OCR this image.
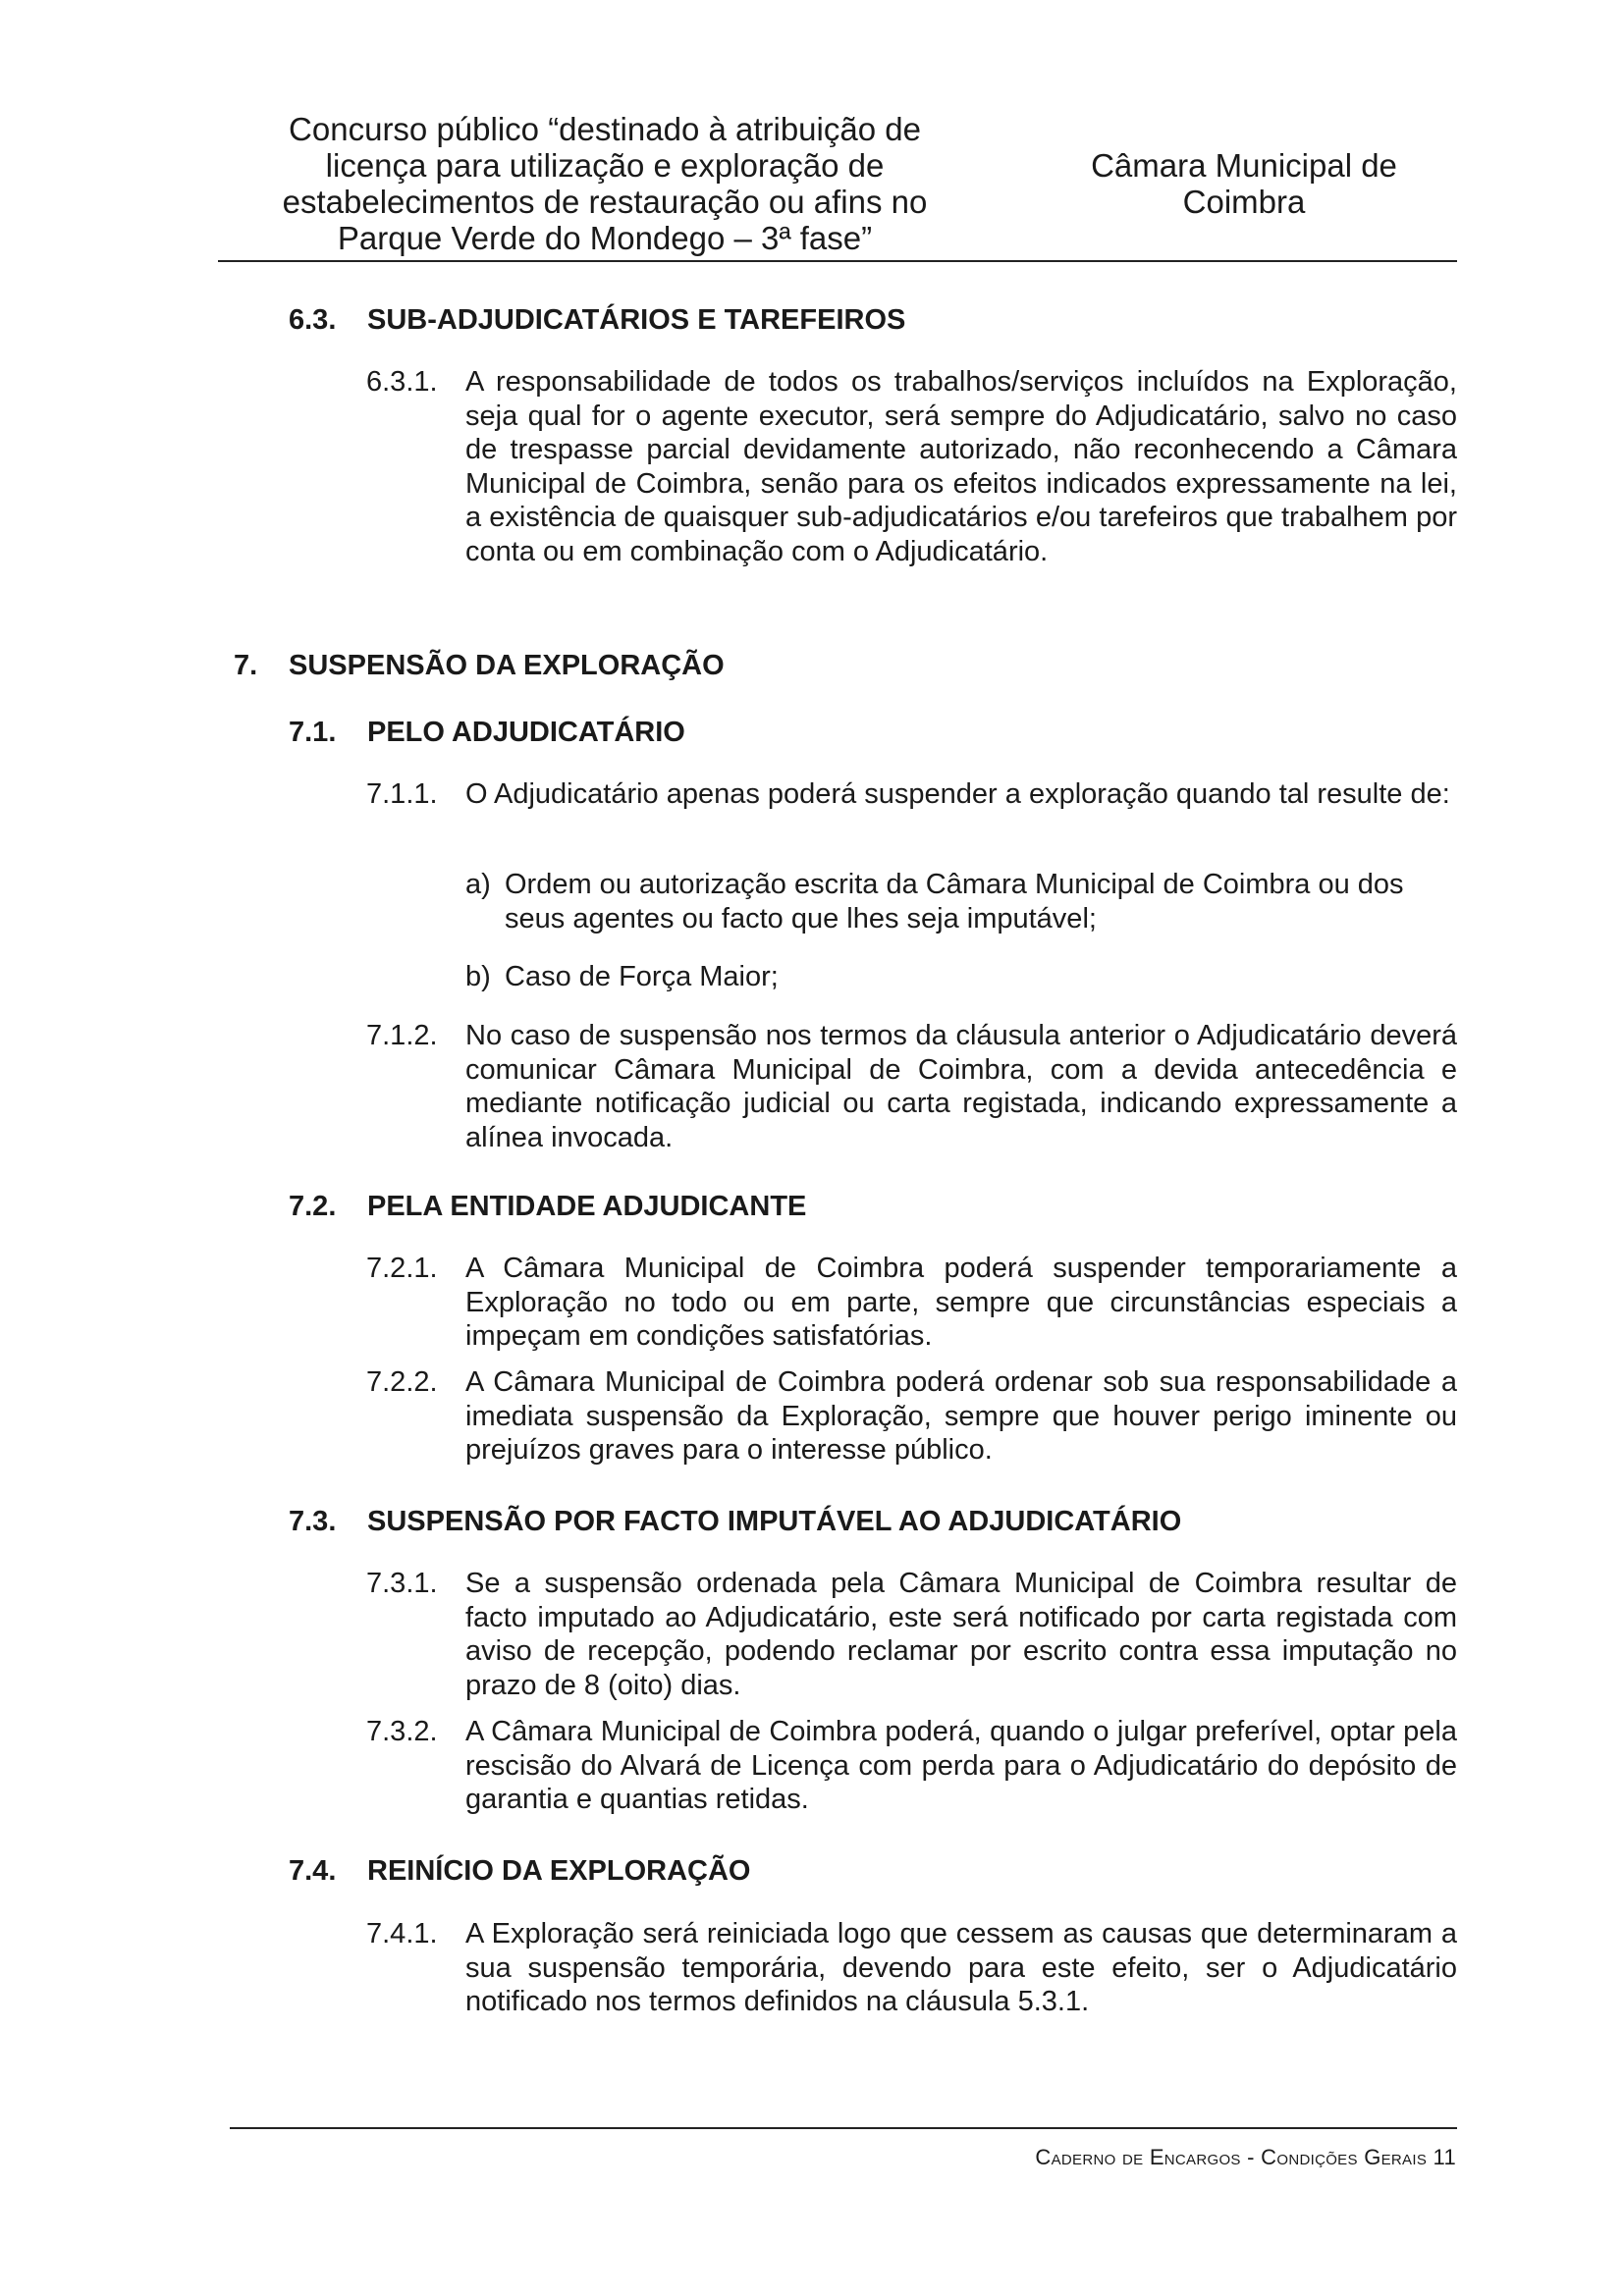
Concurso público “destinado à atribuição de
licença para utilização e exploração de
estabelecimentos de restauração ou afins no
Parque Verde do Mondego – 3ª fase”
Câmara Municipal de
Coimbra
6.3. SUB-ADJUDICATÁRIOS E TAREFEIROS
6.3.1. A responsabilidade de todos os trabalhos/serviços incluídos na Exploração, seja qual for o agente executor, será sempre do Adjudicatário, salvo no caso de trespasse parcial devidamente autorizado, não reconhecendo a Câmara Municipal de Coimbra, senão para os efeitos indicados expressamente na lei, a existência de quaisquer sub-adjudicatários e/ou tarefeiros que trabalhem por conta ou em combinação com o Adjudicatário.
7. SUSPENSÃO DA EXPLORAÇÃO
7.1. PELO ADJUDICATÁRIO
7.1.1. O Adjudicatário apenas poderá suspender a exploração quando tal resulte de:
a) Ordem ou autorização escrita da Câmara Municipal de Coimbra ou dos seus agentes ou facto que lhes seja imputável;
b) Caso de Força Maior;
7.1.2. No caso de suspensão nos termos da cláusula anterior o Adjudicatário deverá comunicar Câmara Municipal de Coimbra, com a devida antecedência e mediante notificação judicial ou carta registada, indicando expressamente a alínea invocada.
7.2. PELA ENTIDADE ADJUDICANTE
7.2.1. A Câmara Municipal de Coimbra poderá suspender temporariamente a Exploração no todo ou em parte, sempre que circunstâncias especiais a impeçam em condições satisfatórias.
7.2.2. A Câmara Municipal de Coimbra poderá ordenar sob sua responsabilidade a imediata suspensão da Exploração, sempre que houver perigo iminente ou prejuízos graves para o interesse público.
7.3. SUSPENSÃO POR FACTO IMPUTÁVEL AO ADJUDICATÁRIO
7.3.1. Se a suspensão ordenada pela Câmara Municipal de Coimbra resultar de facto imputado ao Adjudicatário, este será notificado por carta registada com aviso de recepção, podendo reclamar por escrito contra essa imputação no prazo de 8 (oito) dias.
7.3.2. A Câmara Municipal de Coimbra poderá, quando o julgar preferível, optar pela rescisão do Alvará de Licença com perda para o Adjudicatário do depósito de garantia e quantias retidas.
7.4. REINÍCIO DA EXPLORAÇÃO
7.4.1. A Exploração será reiniciada logo que cessem as causas que determinaram a sua suspensão temporária, devendo para este efeito, ser o Adjudicatário notificado nos termos definidos na cláusula 5.3.1.
Caderno de Encargos - Condições Gerais 11
